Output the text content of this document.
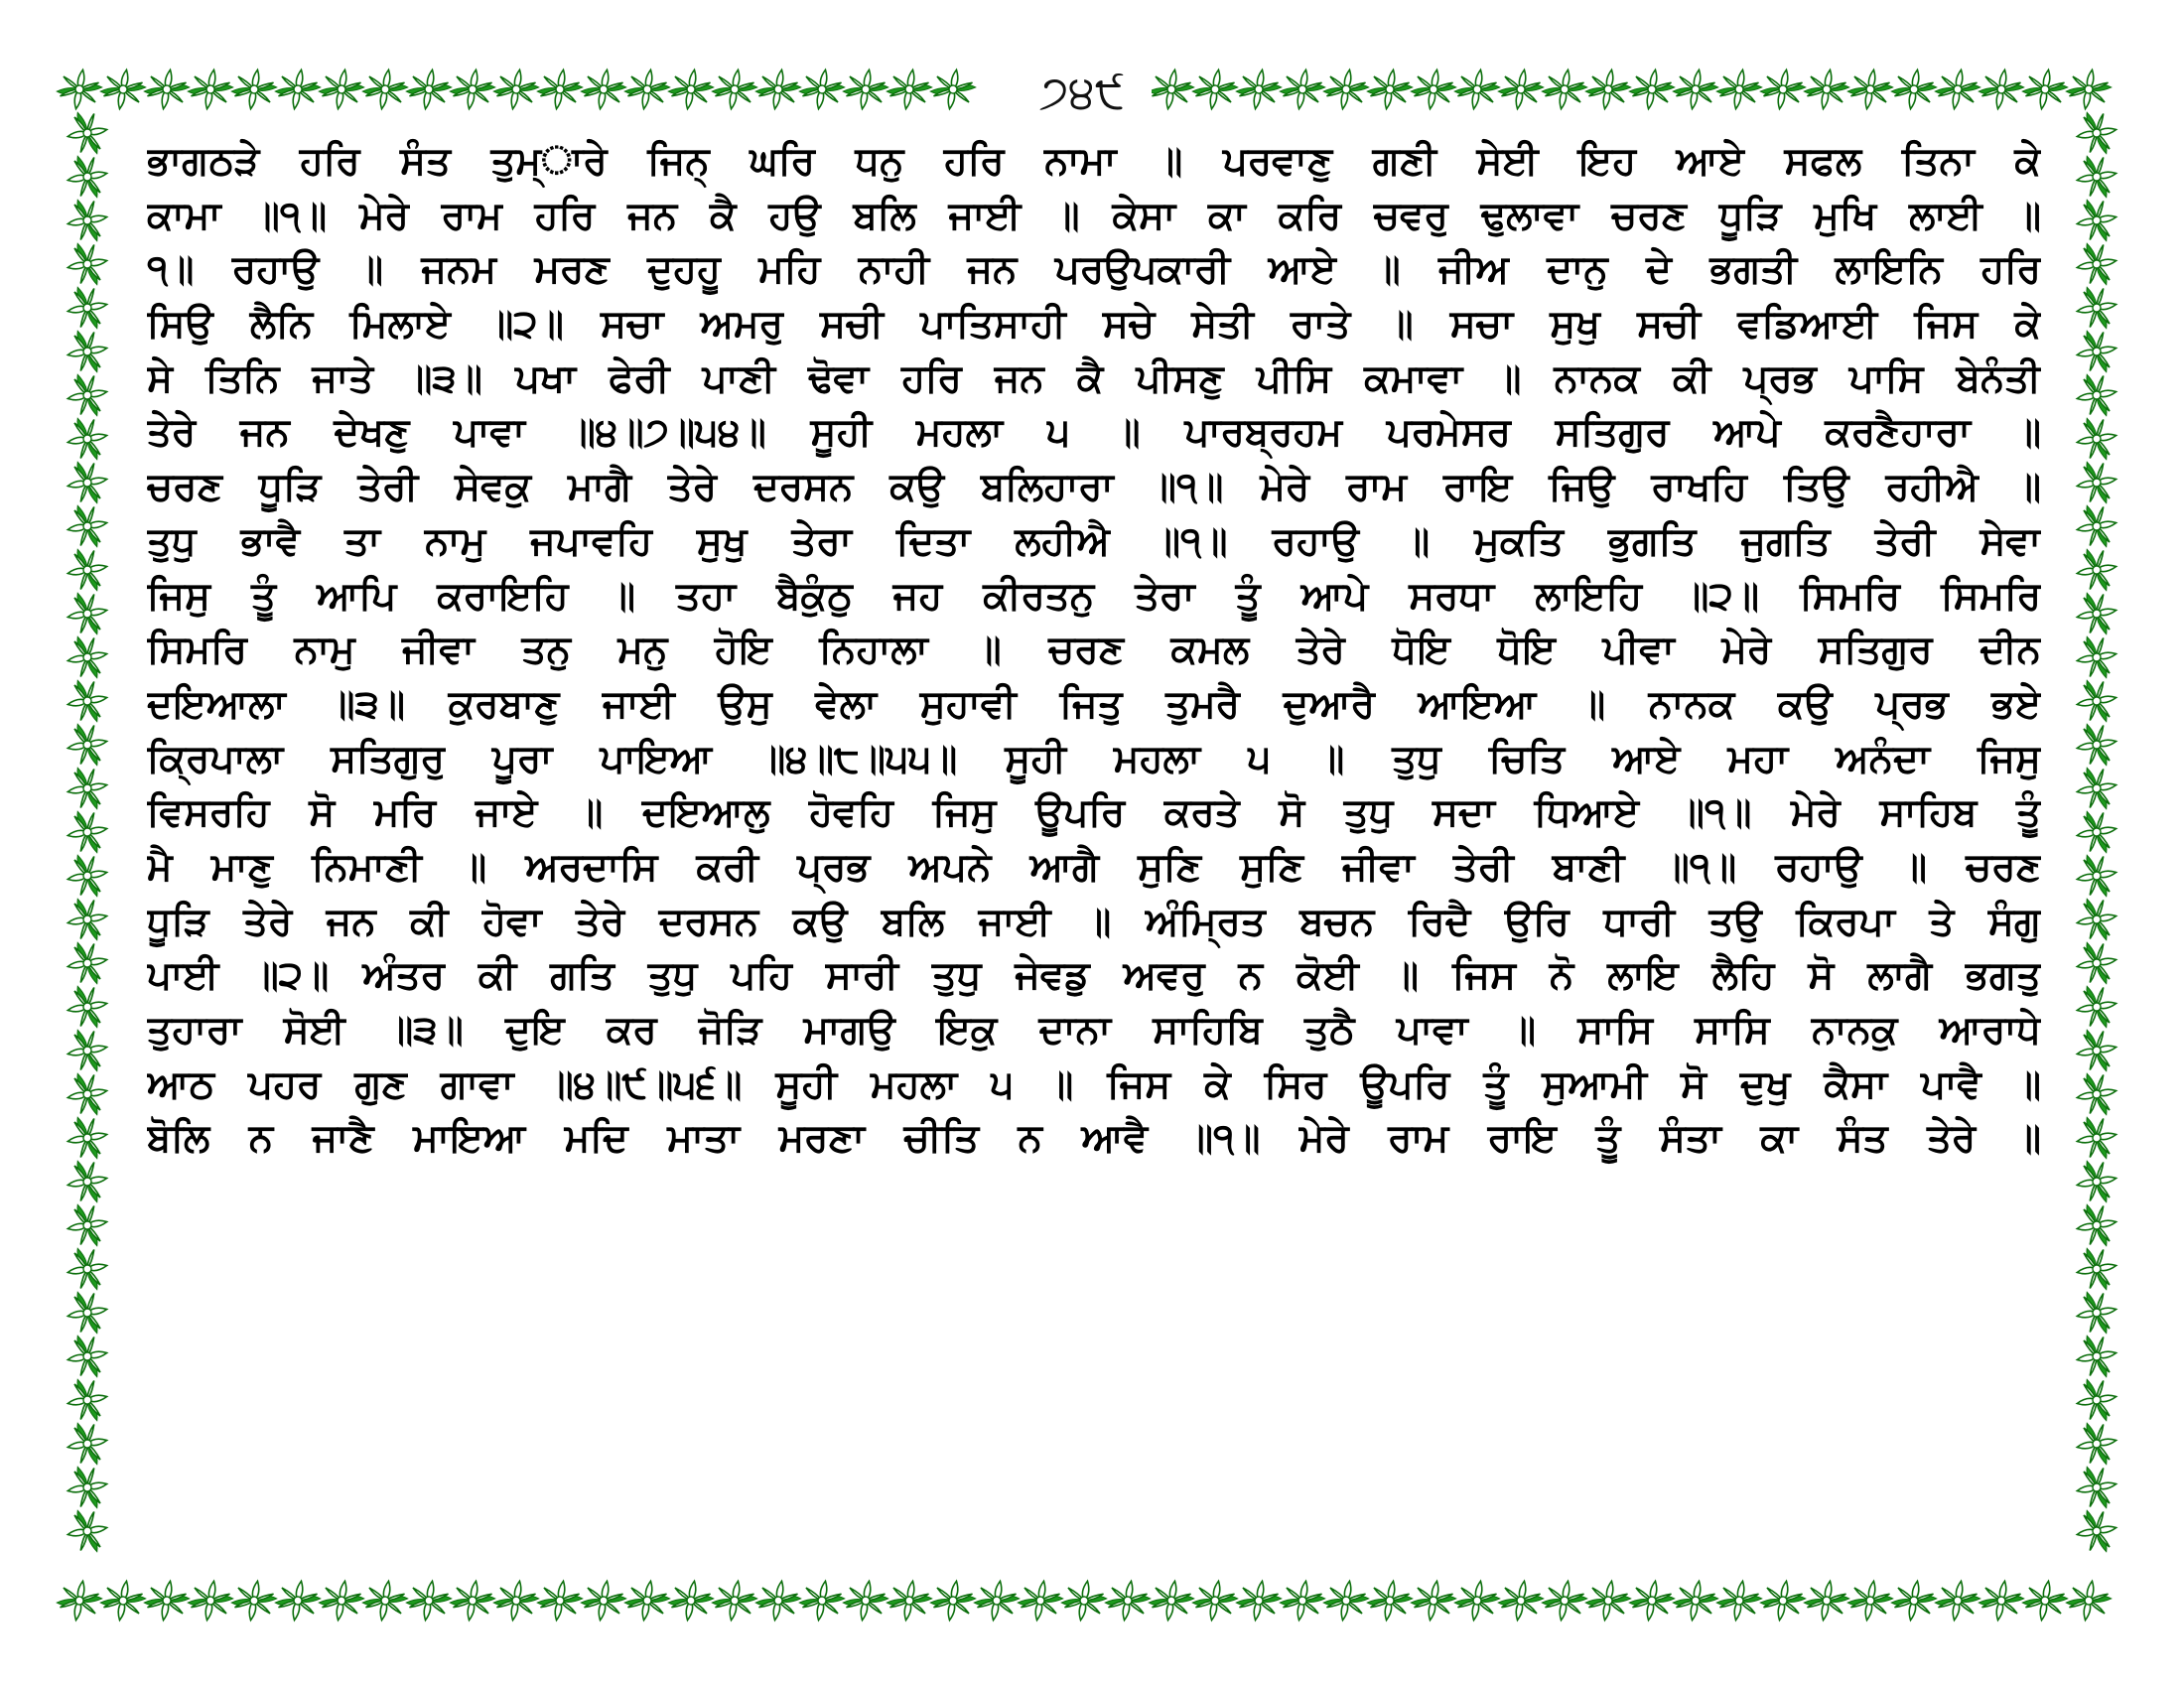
੭੪੯
ਭਾਗਠੜੇ ਹਰਿ ਸੰਤ ਤੁਮ੍ਾਰੇ ਜਿਨ੍ ਘਰਿ ਧਨੁ ਹਰਿ ਨਾਮਾ ॥ ਪਰਵਾਣੁ ਗਣੀ ਸੇਈ ਇਹ ਆਏ ਸਫਲ ਤਿਨਾ ਕੇ
ਕਾਮਾ ॥੧॥ ਮੇਰੇ ਰਾਮ ਹਰਿ ਜਨ ਕੈ ਹਉ ਬਲਿ ਜਾਈ ॥ ਕੇਸਾ ਕਾ ਕਰਿ ਚਵਰੁ ਢੁਲਾਵਾ ਚਰਣ ਧੂੜਿ ਮੁਖਿ ਲਾਈ ॥
੧॥ ਰਹਾਉ ॥ ਜਨਮ ਮਰਣ ਦੁਹਹੂ ਮਹਿ ਨਾਹੀ ਜਨ ਪਰਉਪਕਾਰੀ ਆਏ ॥ ਜੀਅ ਦਾਨੁ ਦੇ ਭਗਤੀ ਲਾਇਨਿ ਹਰਿ
ਸਿਉ ਲੈਨਿ ਮਿਲਾਏ ॥੨॥ ਸਚਾ ਅਮਰੁ ਸਚੀ ਪਾਤਿਸਾਹੀ ਸਚੇ ਸੇਤੀ ਰਾਤੇ ॥ ਸਚਾ ਸੁਖੁ ਸਚੀ ਵਡਿਆਈ ਜਿਸ ਕੇ
ਸੇ ਤਿਨਿ ਜਾਤੇ ॥੩॥ ਪਖਾ ਫੇਰੀ ਪਾਣੀ ਢੋਵਾ ਹਰਿ ਜਨ ਕੈ ਪੀਸਣੁ ਪੀਸਿ ਕਮਾਵਾ ॥ ਨਾਨਕ ਕੀ ਪ੍ਰਭ ਪਾਸਿ ਬੇਨੰਤੀ
ਤੇਰੇ ਜਨ ਦੇਖਣੁ ਪਾਵਾ ॥੪॥੭॥੫੪॥ ਸੂਹੀ ਮਹਲਾ ੫ ॥ ਪਾਰਬ੍ਰਹਮ ਪਰਮੇਸਰ ਸਤਿਗੁਰ ਆਪੇ ਕਰਣੈਹਾਰਾ ॥
ਚਰਣ ਧੂੜਿ ਤੇਰੀ ਸੇਵਕੁ ਮਾਗੈ ਤੇਰੇ ਦਰਸਨ ਕਉ ਬਲਿਹਾਰਾ ॥੧॥ ਮੇਰੇ ਰਾਮ ਰਾਇ ਜਿਉ ਰਾਖਹਿ ਤਿਉ ਰਹੀਐ ॥
ਤੁਧੁ ਭਾਵੈ ਤਾ ਨਾਮੁ ਜਪਾਵਹਿ ਸੁਖੁ ਤੇਰਾ ਦਿਤਾ ਲਹੀਐ ॥੧॥ ਰਹਾਉ ॥ ਮੁਕਤਿ ਭੁਗਤਿ ਜੁਗਤਿ ਤੇਰੀ ਸੇਵਾ
ਜਿਸੁ ਤੂੰ ਆਪਿ ਕਰਾਇਹਿ ॥ ਤਹਾ ਬੈਕੁੰਠੁ ਜਹ ਕੀਰਤਨੁ ਤੇਰਾ ਤੂੰ ਆਪੇ ਸਰਧਾ ਲਾਇਹਿ ॥੨॥ ਸਿਮਰਿ ਸਿਮਰਿ
ਸਿਮਰਿ ਨਾਮੁ ਜੀਵਾ ਤਨੁ ਮਨੁ ਹੋਇ ਨਿਹਾਲਾ ॥ ਚਰਣ ਕਮਲ ਤੇਰੇ ਧੋਇ ਧੋਇ ਪੀਵਾ ਮੇਰੇ ਸਤਿਗੁਰ ਦੀਨ
ਦਇਆਲਾ ॥੩॥ ਕੁਰਬਾਣੁ ਜਾਈ ਉਸੁ ਵੇਲਾ ਸੁਹਾਵੀ ਜਿਤੁ ਤੁਮਰੈ ਦੁਆਰੈ ਆਇਆ ॥ ਨਾਨਕ ਕਉ ਪ੍ਰਭ ਭਏ
ਕ੍ਰਿਪਾਲਾ ਸਤਿਗੁਰੁ ਪੂਰਾ ਪਾਇਆ ॥੪॥੮॥੫੫॥ ਸੂਹੀ ਮਹਲਾ ੫ ॥ ਤੁਧੁ ਚਿਤਿ ਆਏ ਮਹਾ ਅਨੰਦਾ ਜਿਸੁ
ਵਿਸਰਹਿ ਸੋ ਮਰਿ ਜਾਏ ॥ ਦਇਆਲੁ ਹੋਵਹਿ ਜਿਸੁ ਊਪਰਿ ਕਰਤੇ ਸੋ ਤੁਧੁ ਸਦਾ ਧਿਆਏ ॥੧॥ ਮੇਰੇ ਸਾਹਿਬ ਤੂੰ
ਮੈ ਮਾਣੁ ਨਿਮਾਣੀ ॥ ਅਰਦਾਸਿ ਕਰੀ ਪ੍ਰਭ ਅਪਨੇ ਆਗੈ ਸੁਣਿ ਸੁਣਿ ਜੀਵਾ ਤੇਰੀ ਬਾਣੀ ॥੧॥ ਰਹਾਉ ॥ ਚਰਣ
ਧੂੜਿ ਤੇਰੇ ਜਨ ਕੀ ਹੋਵਾ ਤੇਰੇ ਦਰਸਨ ਕਉ ਬਲਿ ਜਾਈ ॥ ਅੰਮ੍ਰਿਤ ਬਚਨ ਰਿਦੈ ਉਰਿ ਧਾਰੀ ਤਉ ਕਿਰਪਾ ਤੇ ਸੰਗੁ
ਪਾਈ ॥੨॥ ਅੰਤਰ ਕੀ ਗਤਿ ਤੁਧੁ ਪਹਿ ਸਾਰੀ ਤੁਧੁ ਜੇਵਡੁ ਅਵਰੁ ਨ ਕੋਈ ॥ ਜਿਸ ਨੋ ਲਾਇ ਲੈਹਿ ਸੋ ਲਾਗੈ ਭਗਤੁ
ਤੁਹਾਰਾ ਸੋਈ ॥੩॥ ਦੁਇ ਕਰ ਜੋੜਿ ਮਾਗਉ ਇਕੁ ਦਾਨਾ ਸਾਹਿਬਿ ਤੁਠੈ ਪਾਵਾ ॥ ਸਾਸਿ ਸਾਸਿ ਨਾਨਕੁ ਆਰਾਧੇ
ਆਠ ਪਹਰ ਗੁਣ ਗਾਵਾ ॥੪॥੯॥੫੬॥ ਸੂਹੀ ਮਹਲਾ ੫ ॥ ਜਿਸ ਕੇ ਸਿਰ ਊਪਰਿ ਤੂੰ ਸੁਆਮੀ ਸੋ ਦੁਖੁ ਕੈਸਾ ਪਾਵੈ ॥
ਬੋਲਿ ਨ ਜਾਣੈ ਮਾਇਆ ਮਦਿ ਮਾਤਾ ਮਰਣਾ ਚੀਤਿ ਨ ਆਵੈ ॥੧॥ ਮੇਰੇ ਰਾਮ ਰਾਇ ਤੂੰ ਸੰਤਾ ਕਾ ਸੰਤ ਤੇਰੇ ॥
